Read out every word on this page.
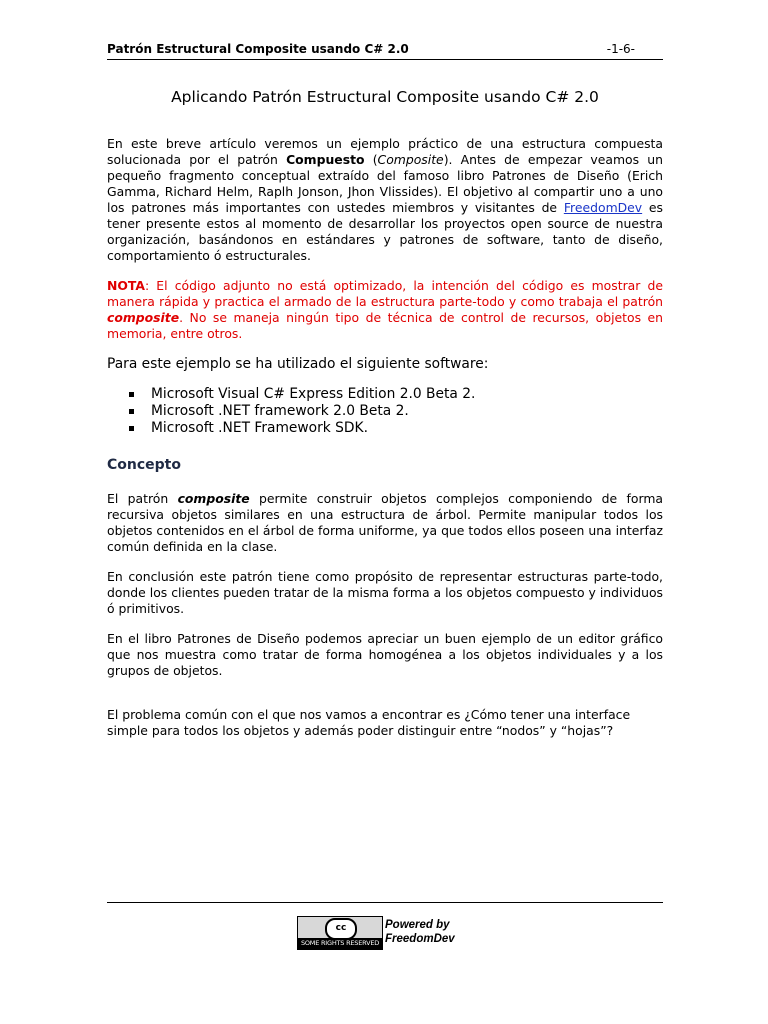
Patrón Estructural Composite usando C# 2.0	-1-6-
Aplicando Patrón Estructural Composite usando C# 2.0

En este breve artículo veremos un ejemplo práctico de una estructura compuesta solucionada por el patrón Compuesto (Composite). Antes de empezar veamos un pequeño fragmento conceptual extraído del famoso libro Patrones de Diseño (Erich Gamma, Richard Helm, Raplh Jonson, Jhon Vlissides). El objetivo al compartir uno a uno los patrones más importantes con ustedes miembros y visitantes de FreedomDev es tener presente estos al momento de desarrollar los proyectos open source de nuestra organización, basándonos en estándares y patrones de software, tanto de diseño, comportamiento ó estructurales.

NOTA: El código adjunto no está optimizado, la intención del código es mostrar de manera rápida y practica el armado de la estructura parte-todo y como trabaja el patrón composite. No se maneja ningún tipo de técnica de control de recursos, objetos en memoria, entre otros.

Para este ejemplo se ha utilizado el siguiente software:

Microsoft Visual C# Express Edition 2.0 Beta 2.
Microsoft .NET framework 2.0 Beta 2.
Microsoft .NET Framework SDK.
Concepto

El patrón composite permite construir objetos complejos componiendo de forma recursiva objetos similares en una estructura de árbol. Permite manipular todos los objetos contenidos en el árbol de forma uniforme, ya que todos ellos poseen una interfaz común definida en la clase.

En conclusión este patrón tiene como propósito de representar estructuras parte-todo, donde los clientes pueden tratar de la misma forma a los objetos compuesto y individuos ó primitivos.

En el libro Patrones de Diseño podemos apreciar un buen ejemplo de un editor gráfico que nos muestra como tratar de forma homogénea a los objetos individuales y a los grupos de objetos.

El problema común con el que nos vamos a encontrar es ¿Cómo tener una interface simple para todos los objetos y además poder distinguir entre “nodos” y “hojas”?

cc
SOME RIGHTS RESERVED
Powered by
FreedomDev
